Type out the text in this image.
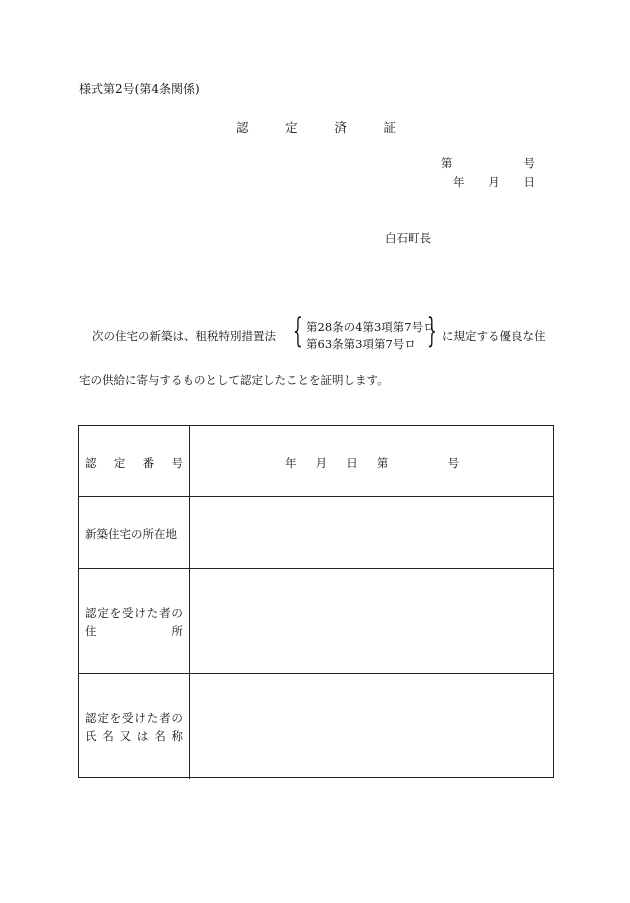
様式第2号(第4条関係)
認	定	済	証
第	号
年 月 日
白石町長
次の住宅の新築は、租税特別措置法 { 第28条の4第3項第7号ロ
第63条第3項第7号ロ } に規定する優良な住
宅の供給に寄与するものとして認定したことを証明します。
認 定 番 号	年 月 日 第	号
新築住宅の所在地
認 定 を 受 け た 者 の
住	所
認 定 を 受 け た 者 の
氏 名 又 は 名 称
